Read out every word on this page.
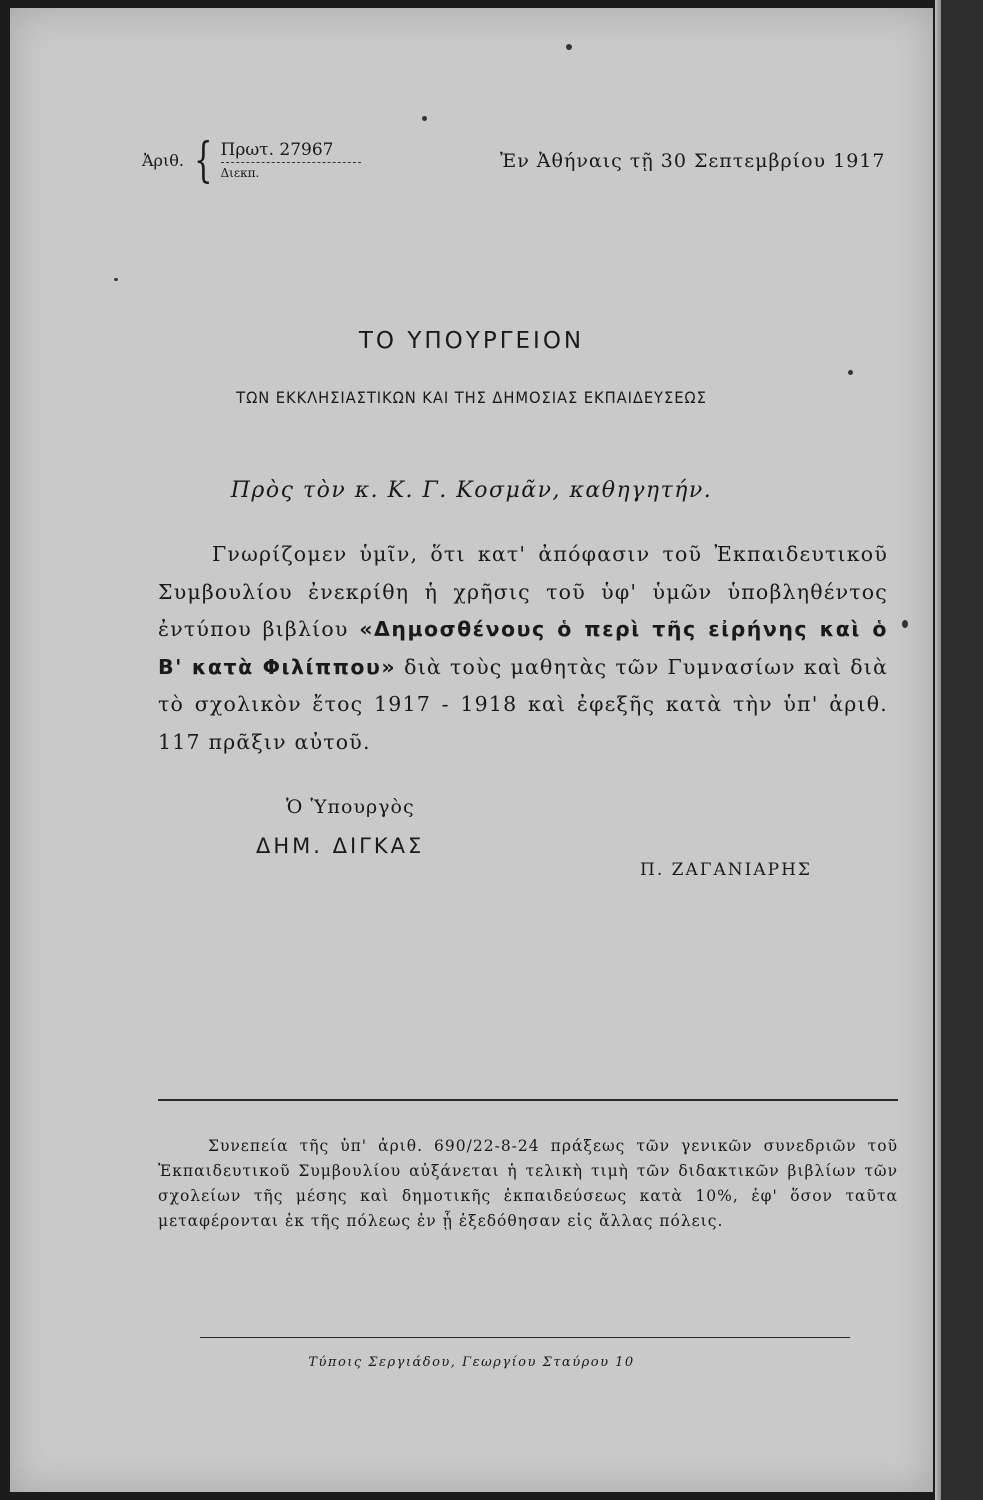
Ἀριθ. { Πρωτ. 27967
Διεκπ.
Ἐν Ἀθήναις τῇ 30 Σεπτεμβρίου 1917
ΤΟ ΥΠΟΥΡΓΕΙΟΝ
ΤΩΝ ΕΚΚΛΗΣΙΑΣΤΙΚΩΝ ΚΑΙ ΤΗΣ ΔΗΜΟΣΙΑΣ ΕΚΠΑΙΔΕΥΣΕΩΣ
Πρὸς τὸν κ. Κ. Γ. Κοσμᾶν, καθηγητήν.

Γνωρίζομεν ὑμῖν, ὅτι κατ' ἀπόφασιν τοῦ Ἐκπαιδευτικοῦ Συμβουλίου ἐνεκρίθη ἡ χρῆσις τοῦ ὑφ' ὑμῶν ὑποβληθέντος ἐντύπου βιβλίου «Δημοσθένους ὁ περὶ τῆς εἰρήνης καὶ ὁ Β' κατὰ Φιλίππου» διὰ τοὺς μαθητὰς τῶν Γυμνασίων καὶ διὰ τὸ σχολικὸν ἔτος 1917 - 1918 καὶ ἐφεξῆς κατὰ τὴν ὑπ' ἀριθ. 117 πρᾶξιν αὐτοῦ.

Ὁ Ὑπουργὸς
ΔΗΜ. ΔΙΓΚΑΣ
Π. ΖΑΓΑΝΙΑΡΗΣ

Συνεπεία τῆς ὑπ' ἀριθ. 690/22-8-24 πράξεως τῶν γενικῶν συνεδριῶν τοῦ Ἐκπαιδευτικοῦ Συμβουλίου αὐξάνεται ἡ τελικὴ τιμὴ τῶν διδακτικῶν βιβλίων τῶν σχολείων τῆς μέσης καὶ δημοτικῆς ἐκπαιδεύσεως κατὰ 10%, ἐφ' ὅσον ταῦτα μεταφέρονται ἐκ τῆς πόλεως ἐν ᾗ ἐξεδόθησαν εἰς ἄλλας πόλεις.

Τύποις Σεργιάδου, Γεωργίου Σταύρου 10
